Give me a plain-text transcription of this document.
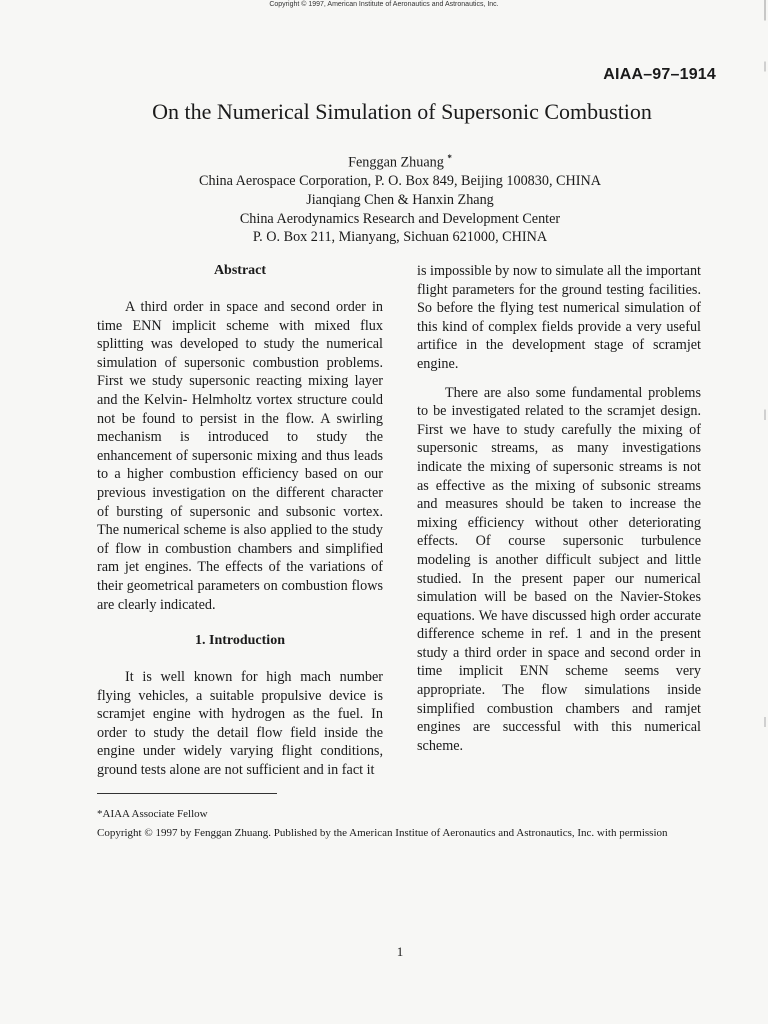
Copyright © 1997, American Institute of Aeronautics and Astronautics, Inc.
AIAA–97–1914
On the Numerical Simulation of Supersonic Combustion
Fenggan Zhuang *
China Aerospace Corporation, P. O. Box 849, Beijing 100830, CHINA
Jianqiang Chen & Hanxin Zhang
China Aerodynamics Research and Development Center
P. O. Box 211, Mianyang, Sichuan 621000, CHINA

Abstract

A third order in space and second order in time ENN implicit scheme with mixed flux splitting was developed to study the numerical simulation of supersonic combustion problems. First we study supersonic reacting mixing layer and the Kelvin- Helmholtz vortex structure could not be found to persist in the flow. A swirling mechanism is introduced to study the enhancement of supersonic mixing and thus leads to a higher combustion efficiency based on our previous investigation on the different character of bursting of supersonic and subsonic vortex. The numerical scheme is also applied to the study of flow in combustion chambers and simplified ram jet engines. The effects of the variations of their geometrical parameters on combustion flows are clearly indicated.

1. Introduction

It is well known for high mach number flying vehicles, a suitable propulsive device is scramjet engine with hydrogen as the fuel. In order to study the detail flow field inside the engine under widely varying flight conditions, ground tests alone are not sufficient and in fact it

is impossible by now to simulate all the important flight parameters for the ground testing facilities. So before the flying test numerical simulation of this kind of complex fields provide a very useful artifice in the development stage of scramjet engine.

There are also some fundamental problems to be investigated related to the scramjet design. First we have to study carefully the mixing of supersonic streams, as many investigations indicate the mixing of supersonic streams is not as effective as the mixing of subsonic streams and measures should be taken to increase the mixing efficiency without other deteriorating effects. Of course supersonic turbulence modeling is another difficult subject and little studied. In the present paper our numerical simulation will be based on the Navier-Stokes equations. We have discussed high order accurate difference scheme in ref. 1 and in the present study a third order in space and second order in time implicit ENN scheme seems very appropriate. The flow simulations inside simplified combustion chambers and ramjet engines are successful with this numerical scheme.

*AIAA Associate Fellow
Copyright © 1997 by Fenggan Zhuang. Published by the American Institue of Aeronautics and Astronautics, Inc. with permission
1
